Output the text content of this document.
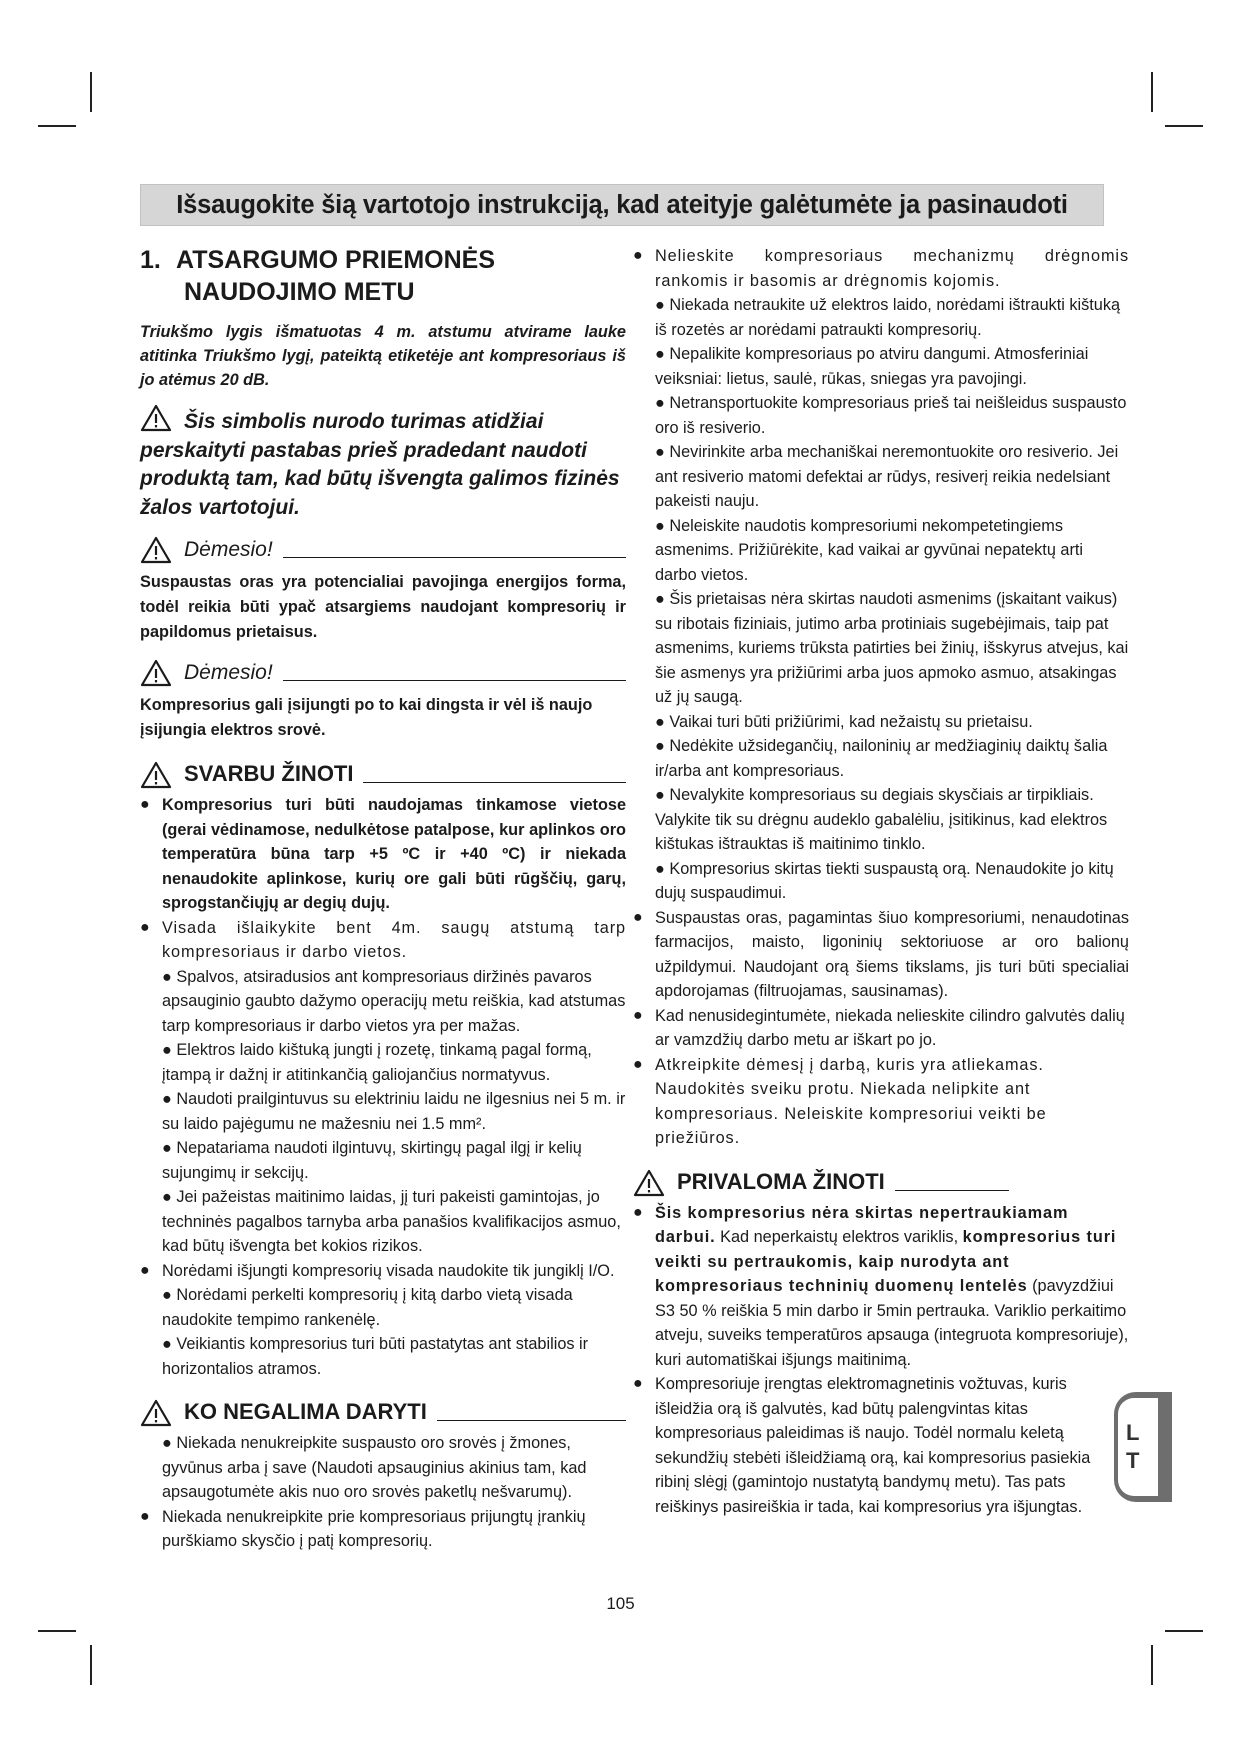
Išsaugokite šią vartotojo instrukciją, kad ateityje galėtumėte ja pasinaudoti
1. ATSARGUMO PRIEMONĖS
NAUDOJIMO METU
Triukšmo lygis išmatuotas 4 m. atstumu atvirame lauke atitinka Triukšmo lygį, pateiktą etiketėje ant kompresoriaus iš jo atėmus 20 dB.
Šis simbolis nurodo turimas atidžiai perskaityti pastabas prieš pradedant naudoti produktą tam, kad būtų išvengta galimos fizinės žalos vartotojui.
Dėmesio!
Suspaustas oras yra potencialiai pavojinga energijos forma, todėl reikia būti ypač atsargiems naudojant kompresorių ir papildomus prietaisus.
Dėmesio!
Kompresorius gali įsijungti po to kai dingsta ir vėl iš naujo įsijungia elektros srovė.
SVARBU ŽINOTI
● Kompresorius turi būti naudojamas tinkamose vietose (gerai vėdinamose, nedulkėtose patalpose, kur aplinkos oro temperatūra būna tarp +5 ºC ir +40 ºC) ir niekada nenaudokite aplinkose, kurių ore gali būti rūgščių, garų, sprogstančiųjų ar degių dujų.
● Visada išlaikykite bent 4m. saugų atstumą tarp kompresoriaus ir darbo vietos.
● Spalvos, atsiradusios ant kompresoriaus diržinės pavaros apsauginio gaubto dažymo operacijų metu reiškia, kad atstumas tarp kompresoriaus ir darbo vietos yra per mažas.
● Elektros laido kištuką jungti į rozetę, tinkamą pagal formą, įtampą ir dažnį ir atitinkančią galiojančius normatyvus.
● Naudoti prailgintuvus su elektriniu laidu ne ilgesnius nei 5 m. ir su laido pajėgumu ne mažesniu nei 1.5 mm².
● Nepatariama naudoti ilgintuvų, skirtingų pagal ilgį ir kelių sujungimų ir sekcijų.
● Jei pažeistas maitinimo laidas, jį turi pakeisti gamintojas, jo techninės pagalbos tarnyba arba panašios kvalifikacijos asmuo, kad būtų išvengta bet kokios rizikos.
● Norėdami išjungti kompresorių visada naudokite tik jungiklį I/O.
● Norėdami perkelti kompresorių į kitą darbo vietą visada naudokite tempimo rankenėlę.
● Veikiantis kompresorius turi būti pastatytas ant stabilios ir horizontalios atramos.
KO NEGALIMA DARYTI
● Niekada nenukreipkite suspausto oro srovės į žmones, gyvūnus arba į save (Naudoti apsauginius akinius tam, kad apsaugotumėte akis nuo oro srovės paketlų nešvarumų).
● Niekada nenukreipkite prie kompresoriaus prijungtų įrankių purškiamo skysčio į patį kompresorių.
● Nelieskite kompresoriaus mechanizmų drėgnomis rankomis ir basomis ar drėgnomis kojomis.
● Niekada netraukite už elektros laido, norėdami ištraukti kištuką iš rozetės ar norėdami patraukti kompresorių.
● Nepalikite kompresoriaus po atviru dangumi. Atmosferiniai veiksniai: lietus, saulė, rūkas, sniegas yra pavojingi.
● Netransportuokite kompresoriaus prieš tai neišleidus suspausto oro iš resiverio.
● Nevirinkite arba mechaniškai neremontuokite oro resiverio. Jei ant resiverio matomi defektai ar rūdys, resiverį reikia nedelsiant pakeisti nauju.
● Neleiskite naudotis kompresoriumi nekompetetingiems asmenims. Prižiūrėkite, kad vaikai ar gyvūnai nepatektų arti darbo vietos.
● Šis prietaisas nėra skirtas naudoti asmenims (įskaitant vaikus) su ribotais fiziniais, jutimo arba protiniais sugebėjimais, taip pat asmenims, kuriems trūksta patirties bei žinių, išskyrus atvejus, kai šie asmenys yra prižiūrimi arba juos apmoko asmuo, atsakingas už jų saugą.
● Vaikai turi būti prižiūrimi, kad nežaistų su prietaisu.
● Nedėkite užsidegančių, nailoninių ar medžiaginių daiktų šalia ir/arba ant kompresoriaus.
● Nevalykite kompresoriaus su degiais skysčiais ar tirpikliais. Valykite tik su drėgnu audeklo gabalėliu, įsitikinus, kad elektros kištukas ištrauktas iš maitinimo tinklo.
● Kompresorius skirtas tiekti suspaustą orą. Nenaudokite jo kitų dujų suspaudimui.
● Suspaustas oras, pagamintas šiuo kompresoriumi, nenaudotinas farmacijos, maisto, ligoninių sektoriuose ar oro balionų užpildymui. Naudojant orą šiems tikslams, jis turi būti specialiai apdorojamas (filtruojamas, sausinamas).
● Kad nenusidegintumėte, niekada nelieskite cilindro galvutės dalių ar vamzdžių darbo metu ar iškart po jo.
● Atkreipkite dėmesį į darbą, kuris yra atliekamas. Naudokitės sveiku protu. Niekada nelipkite ant kompresoriaus. Neleiskite kompresoriui veikti be priežiūros.
PRIVALOMA ŽINOTI
● Šis kompresorius nėra skirtas nepertraukiamam darbui. Kad neperkaistų elektros variklis, kompresorius turi veikti su pertraukomis, kaip nurodyta ant kompresoriaus techninių duomenų lentelės (pavyzdžiui S3 50 % reiškia 5 min darbo ir 5min pertrauka. Variklio perkaitimo atveju, suveiks temperatūros apsauga (integruota kompresoriuje), kuri automatiškai išjungs maitinimą.
● Kompresoriuje įrengtas elektromagnetinis vožtuvas, kuris išleidžia orą iš galvutės, kad būtų palengvintas kitas kompresoriaus paleidimas iš naujo. Todėl normalu keletą sekundžių stebėti išleidžiamą orą, kai kompresorius pasiekia ribinį slėgį (gamintojo nustatytą bandymų metu). Tas pats reiškinys pasireiškia ir tada, kai kompresorius yra išjungtas.
L
T
105
